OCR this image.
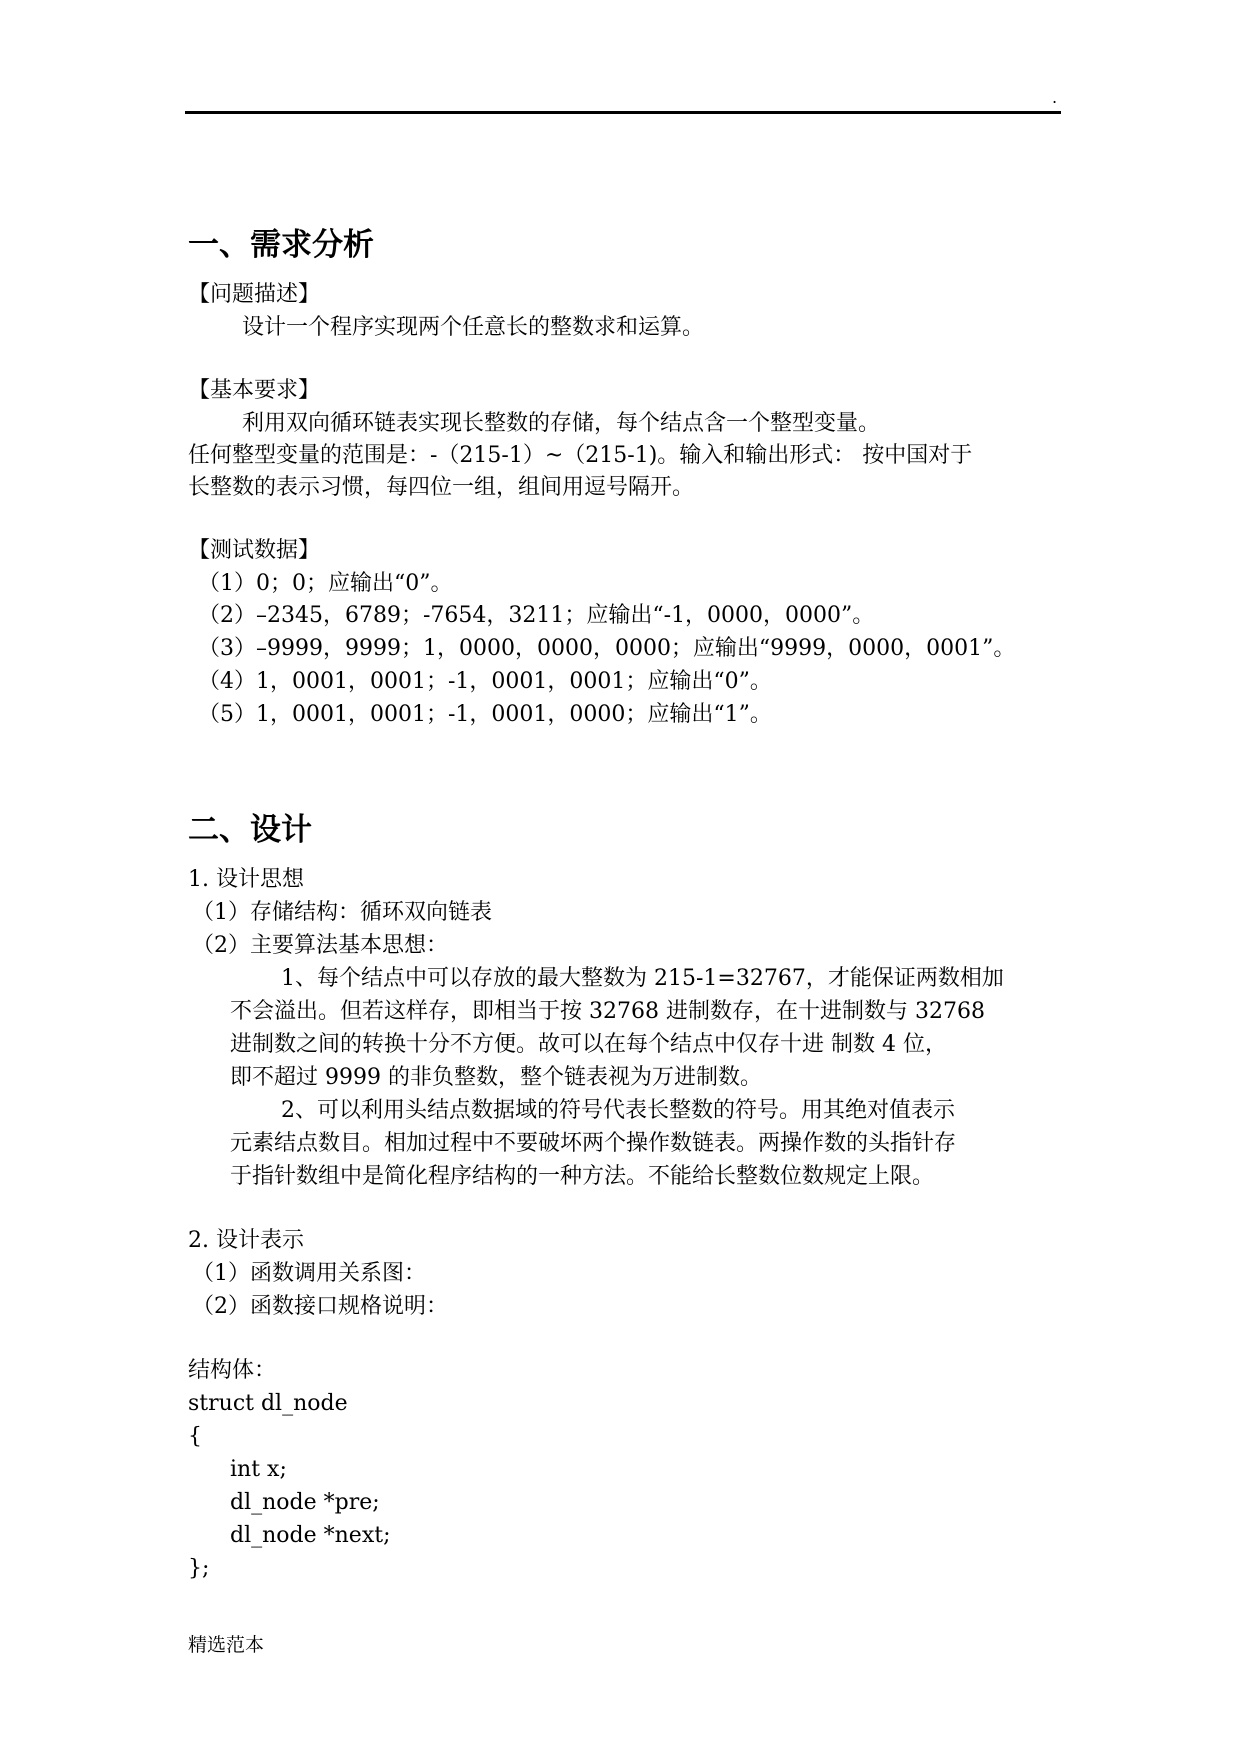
.
一、需求分析
【问题描述】
设计一个程序实现两个任意长的整数求和运算。
【基本要求】
利用双向循环链表实现长整数的存储，每个结点含一个整型变量。
任何整型变量的范围是：-（215-1）~（215-1)。输入和输出形式： 按中国对于
长整数的表示习惯，每四位一组，组间用逗号隔开。
【测试数据】
（1）0；0；应输出“0”。
（2）–2345，6789；-7654，3211；应输出“-1，0000，0000”。
（3）–9999，9999；1，0000，0000，0000；应输出“9999，0000，0001”。
（4）1，0001，0001；-1，0001，0001；应输出“0”。
（5）1，0001，0001；-1，0001，0000；应输出“1”。
二、设计
1. 设计思想
（1）存储结构：循环双向链表
（2）主要算法基本思想：
1、每个结点中可以存放的最大整数为 215-1=32767，才能保证两数相加
不会溢出。但若这样存，即相当于按 32768 进制数存，在十进制数与 32768
进制数之间的转换十分不方便。故可以在每个结点中仅存十进 制数 4 位，
即不超过 9999 的非负整数，整个链表视为万进制数。
2、可以利用头结点数据域的符号代表长整数的符号。用其绝对值表示
元素结点数目。相加过程中不要破坏两个操作数链表。两操作数的头指针存
于指针数组中是简化程序结构的一种方法。不能给长整数位数规定上限。
2. 设计表示
（1）函数调用关系图：
（2）函数接口规格说明：
结构体：
struct dl_node
{
int x;
dl_node *pre;
dl_node *next;
};
精选范本
